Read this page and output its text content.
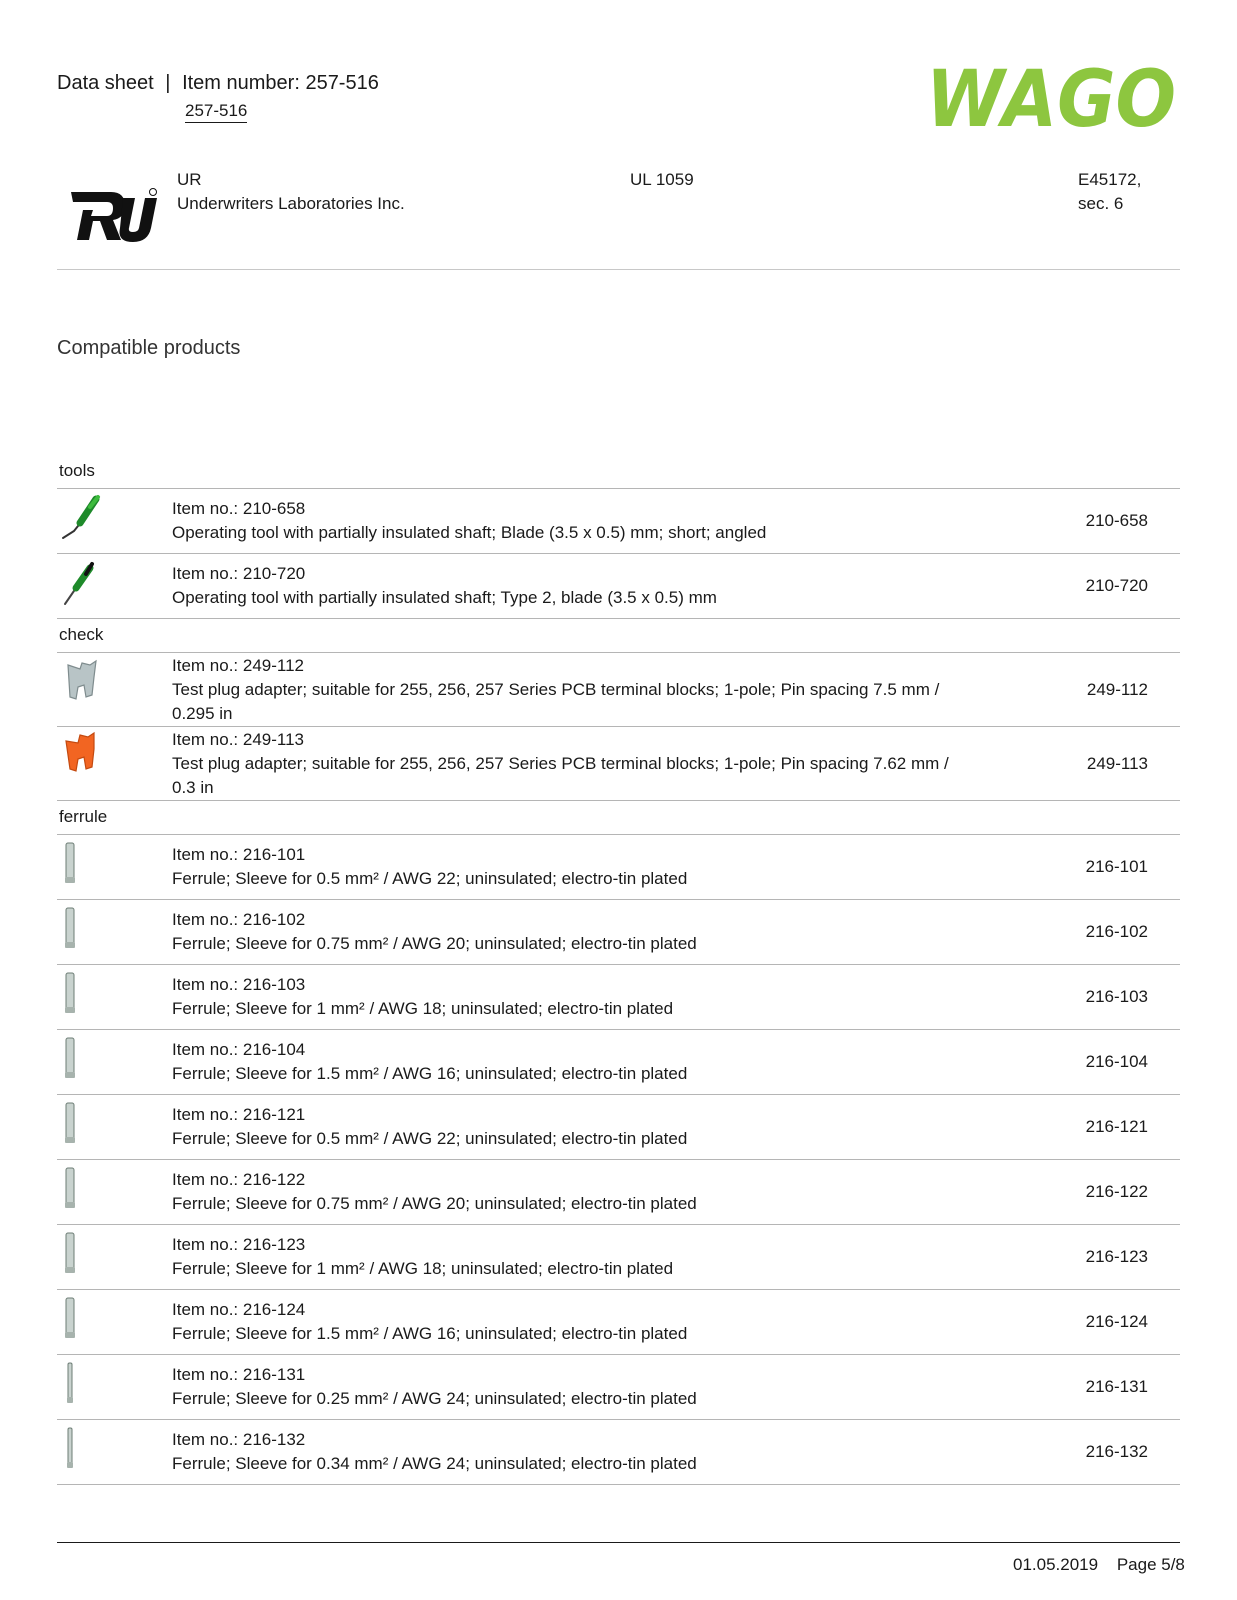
Data sheet | Item number: 257-516
257-516	WAGO
UR	UR
Underwriters Laboratories Inc.
UL 1059	E45172,
sec. 6
Compatible products
tools
Item no.: 210-658
Operating tool with partially insulated shaft; Blade (3.5 x 0.5) mm; short; angled
210-658
Item no.: 210-720
Operating tool with partially insulated shaft; Type 2, blade (3.5 x 0.5) mm
210-720
check
Item no.: 249-112
Test plug adapter; suitable for 255, 256, 257 Series PCB terminal blocks; 1-pole; Pin spacing 7.5 mm / 0.295 in
249-112
Item no.: 249-113
Test plug adapter; suitable for 255, 256, 257 Series PCB terminal blocks; 1-pole; Pin spacing 7.62 mm / 0.3 in
249-113
ferrule
Item no.: 216-101
Ferrule; Sleeve for 0.5 mm² / AWG 22; uninsulated; electro-tin plated
216-101
Item no.: 216-102
Ferrule; Sleeve for 0.75 mm² / AWG 20; uninsulated; electro-tin plated
216-102
Item no.: 216-103
Ferrule; Sleeve for 1 mm² / AWG 18; uninsulated; electro-tin plated
216-103
Item no.: 216-104
Ferrule; Sleeve for 1.5 mm² / AWG 16; uninsulated; electro-tin plated
216-104
Item no.: 216-121
Ferrule; Sleeve for 0.5 mm² / AWG 22; uninsulated; electro-tin plated
216-121
Item no.: 216-122
Ferrule; Sleeve for 0.75 mm² / AWG 20; uninsulated; electro-tin plated
216-122
Item no.: 216-123
Ferrule; Sleeve for 1 mm² / AWG 18; uninsulated; electro-tin plated
216-123
Item no.: 216-124
Ferrule; Sleeve for 1.5 mm² / AWG 16; uninsulated; electro-tin plated
216-124
Item no.: 216-131
Ferrule; Sleeve for 0.25 mm² / AWG 24; uninsulated; electro-tin plated
216-131
Item no.: 216-132
Ferrule; Sleeve for 0.34 mm² / AWG 24; uninsulated; electro-tin plated
216-132
01.05.2019 Page 5/8
